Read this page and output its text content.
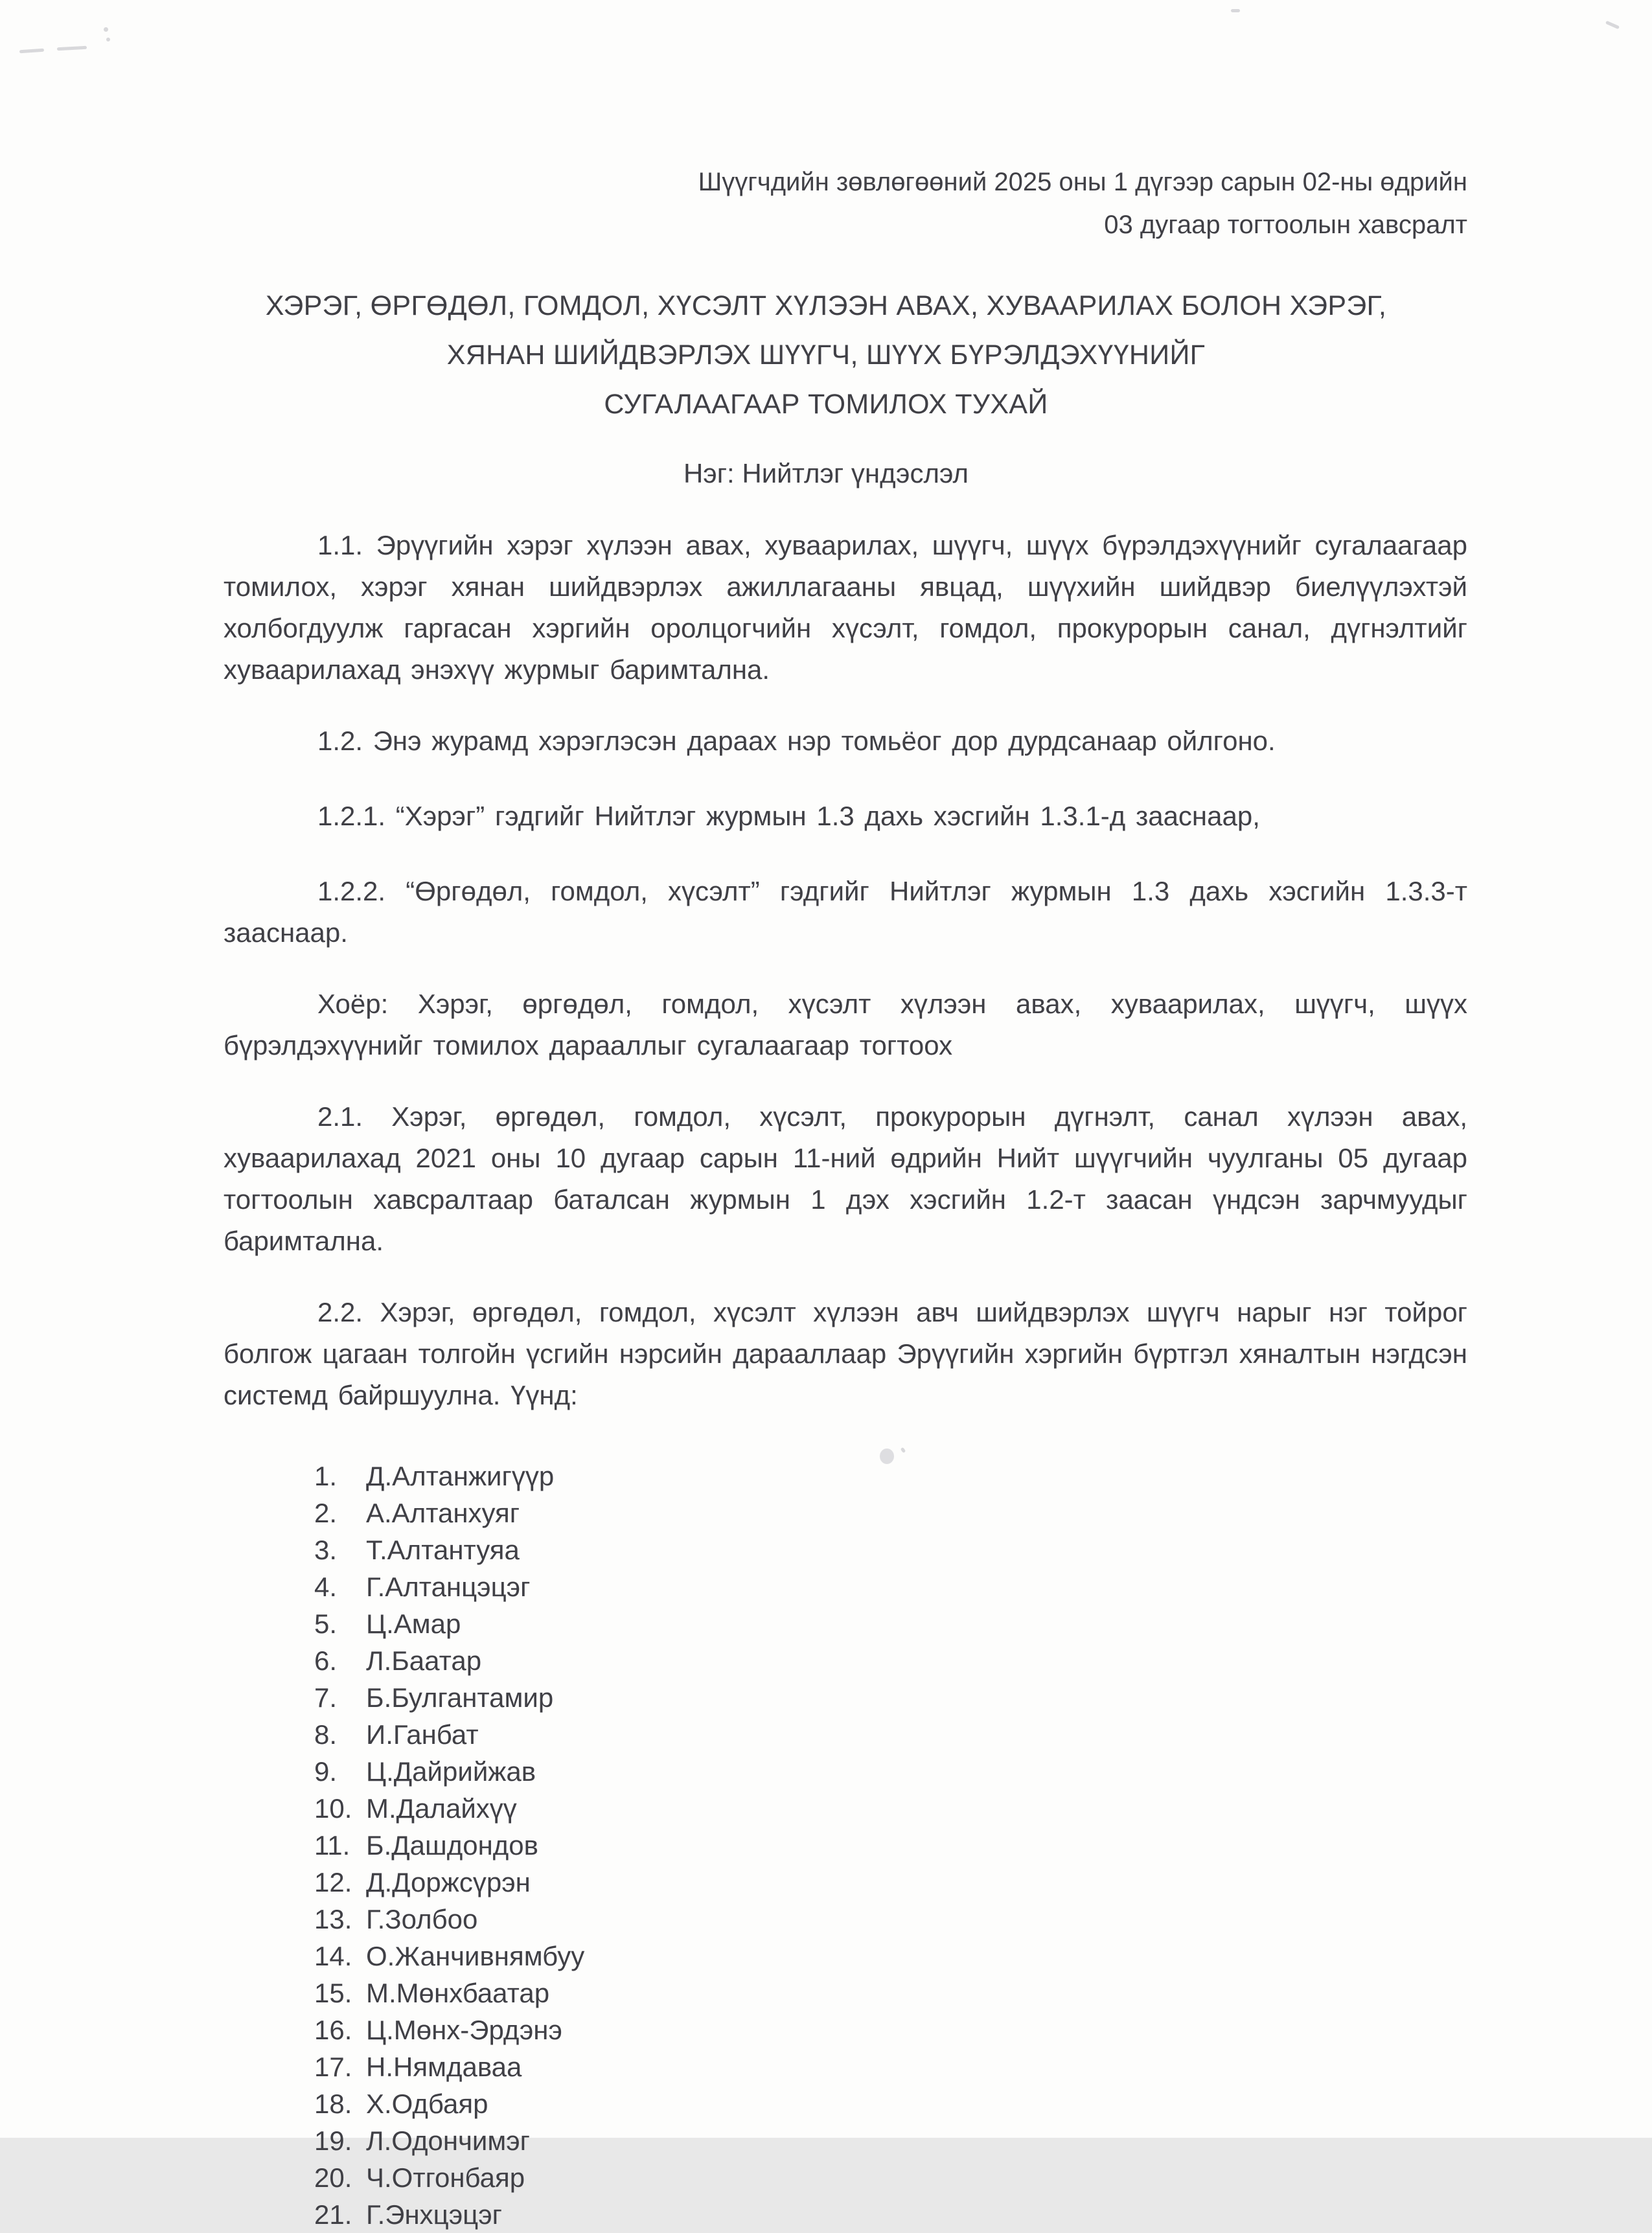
Шүүгчдийн зөвлөгөөний 2025 оны 1 дүгээр сарын 02-ны өдрийн
03 дугаар тогтоолын хавсралт
ХЭРЭГ, ӨРГӨДӨЛ, ГОМДОЛ, ХҮСЭЛТ ХҮЛЭЭН АВАХ, ХУВААРИЛАХ БОЛОН ХЭРЭГ,
ХЯНАН ШИЙДВЭРЛЭХ ШҮҮГЧ, ШҮҮХ БҮРЭЛДЭХҮҮНИЙГ
СУГАЛААГААР ТОМИЛОХ ТУХАЙ
Нэг: Нийтлэг үндэслэл

1.1. Эрүүгийн хэрэг хүлээн авах, хуваарилах, шүүгч, шүүх бүрэлдэхүүнийг сугалаагаар томилох, хэрэг хянан шийдвэрлэх ажиллагааны явцад, шүүхийн шийдвэр биелүүлэхтэй холбогдуулж гаргасан хэргийн оролцогчийн хүсэлт, гомдол, прокурорын санал, дүгнэлтийг хуваарилахад энэхүү журмыг баримтална.

1.2. Энэ журамд хэрэглэсэн дараах нэр томьёог дор дурдсанаар ойлгоно.

1.2.1. “Хэрэг” гэдгийг Нийтлэг журмын 1.3 дахь хэсгийн 1.3.1-д зааснаар,

1.2.2. “Өргөдөл, гомдол, хүсэлт” гэдгийг Нийтлэг журмын 1.3 дахь хэсгийн 1.3.3-т зааснаар.

Хоёр: Хэрэг, өргөдөл, гомдол, хүсэлт хүлээн авах, хуваарилах, шүүгч, шүүх бүрэлдэхүүнийг томилох дарааллыг сугалаагаар тогтоох

2.1. Хэрэг, өргөдөл, гомдол, хүсэлт, прокурорын дүгнэлт, санал хүлээн авах, хуваарилахад 2021 оны 10 дугаар сарын 11-ний өдрийн Нийт шүүгчийн чуулганы 05 дугаар тогтоолын хавсралтаар баталсан журмын 1 дэх хэсгийн 1.2-т заасан үндсэн зарчмуудыг баримтална.

2.2. Хэрэг, өргөдөл, гомдол, хүсэлт хүлээн авч шийдвэрлэх шүүгч нарыг нэг тойрог болгож цагаан толгойн үсгийн нэрсийн дарааллаар Эрүүгийн хэргийн бүртгэл хяналтын нэгдсэн системд байршуулна. Үүнд:

1.	Д.Алтанжигүүр
2.	А.Алтанхуяг
3.	Т.Алтантуяа
4.	Г.Алтанцэцэг
5.	Ц.Амар
6.	Л.Баатар
7.	Б.Булгантамир
8.	И.Ганбат
9.	Ц.Дайрийжав
10. М.Далайхүү
11. Б.Дашдондов
12. Д.Доржсүрэн
13. Г.Золбоо
14. О.Жанчивнямбуу
15. М.Мөнхбаатар
16. Ц.Мөнх-Эрдэнэ
17. Н.Нямдаваа
18. Х.Одбаяр
19. Л.Одончимэг
20. Ч.Отгонбаяр
21. Г.Энхцэцэг
